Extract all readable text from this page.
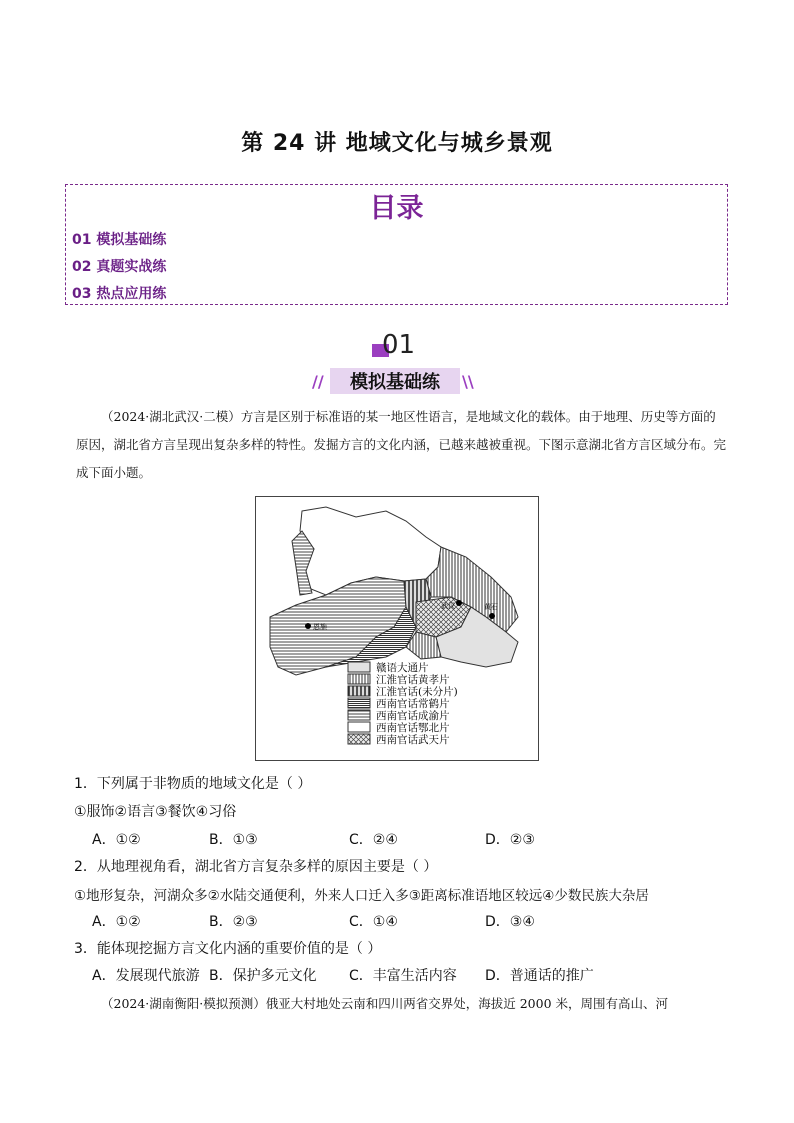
第 24 讲 地域文化与城乡景观
目录
01 模拟基础练
02 真题实战练
03 热点应用练
01
模拟基础练
//	\\
（2024·湖北武汉·二模）方言是区别于标准语的某一地区性语言，是地域文化的载体。由于地理、历史等方面的原因，湖北省方言呈现出复杂多样的特性。发掘方言的文化内涵，已越来越被重视。下图示意湖北省方言区域分布。完成下面小题。
恩施
武汉	黄石
赣语大通片
江淮官话黄孝片
江淮官话(未分片)
西南官话常鹤片
西南官话成渝片
西南官话鄂北片
西南官话武天片
1．下列属于非物质的地域文化是（ ）
①服饰②语言③餐饮④习俗
A．①②	B．①③	C．②④	D．②③
2．从地理视角看，湖北省方言复杂多样的原因主要是（ ）
①地形复杂，河湖众多②水陆交通便利，外来人口迁入多③距离标准语地区较远④少数民族大杂居
A．①②	B．②③	C．①④	D．③④
3．能体现挖掘方言文化内涵的重要价值的是（ ）
A．发展现代旅游 B．保护多元文化 C．丰富生活内容 D．普通话的推广
（2024·湖南衡阳·模拟预测）俄亚大村地处云南和四川两省交界处，海拔近 2000 米，周围有高山、河
